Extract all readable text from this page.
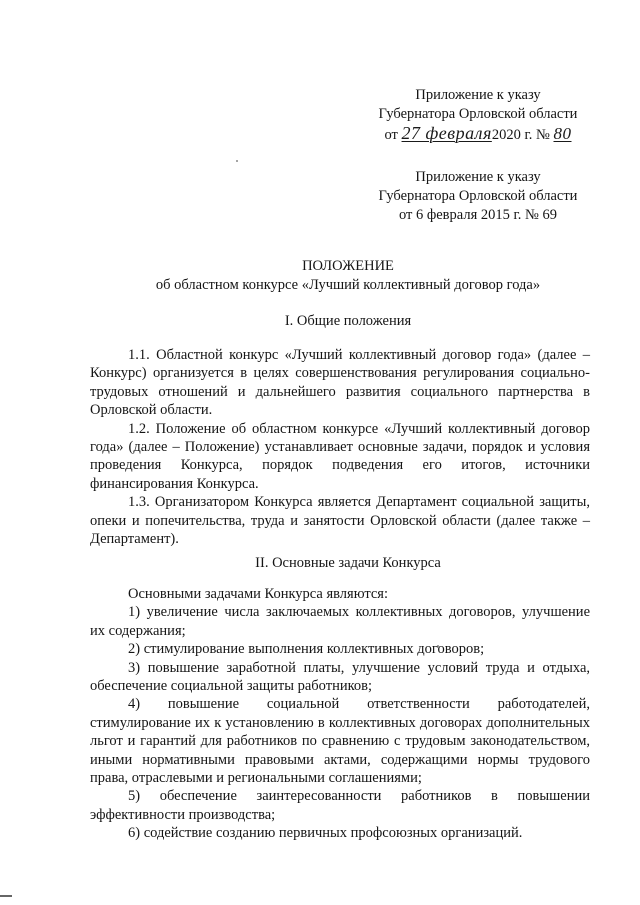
Приложение к указу
Губернатора Орловской области
от 27 февраля2020 г. № 80
Приложение к указу
Губернатора Орловской области
от 6 февраля 2015 г. № 69
ПОЛОЖЕНИЕ
об областном конкурсе «Лучший коллективный договор года»
I. Общие положения

1.1. Областной конкурс «Лучший коллективный договор года» (далее – Конкурс) организуется в целях совершенствования регулирования социально-трудовых отношений и дальнейшего развития социального партнерства в Орловской области.

1.2. Положение об областном конкурсе «Лучший коллективный договор года» (далее – Положение) устанавливает основные задачи, порядок и условия проведения Конкурса, порядок подведения его итогов, источники финансирования Конкурса.

1.3. Организатором Конкурса является Департамент социальной защиты, опеки и попечительства, труда и занятости Орловской области (далее также – Департамент).

II. Основные задачи Конкурса

Основными задачами Конкурса являются:

1) увеличение числа заключаемых коллективных договоров, улучшение их содержания;

2) стимулирование выполнения коллективных договоров;

3) повышение заработной платы, улучшение условий труда и отдыха, обеспечение социальной защиты работников;

4) повышение социальной ответственности работодателей, стимулирование их к установлению в коллективных договорах дополнительных льгот и гарантий для работников по сравнению с трудовым законодательством, иными нормативными правовыми актами, содержащими нормы трудового права, отраслевыми и региональными соглашениями;

5) обеспечение заинтересованности работников в повышении эффективности производства;

6) содействие созданию первичных профсоюзных организаций.
